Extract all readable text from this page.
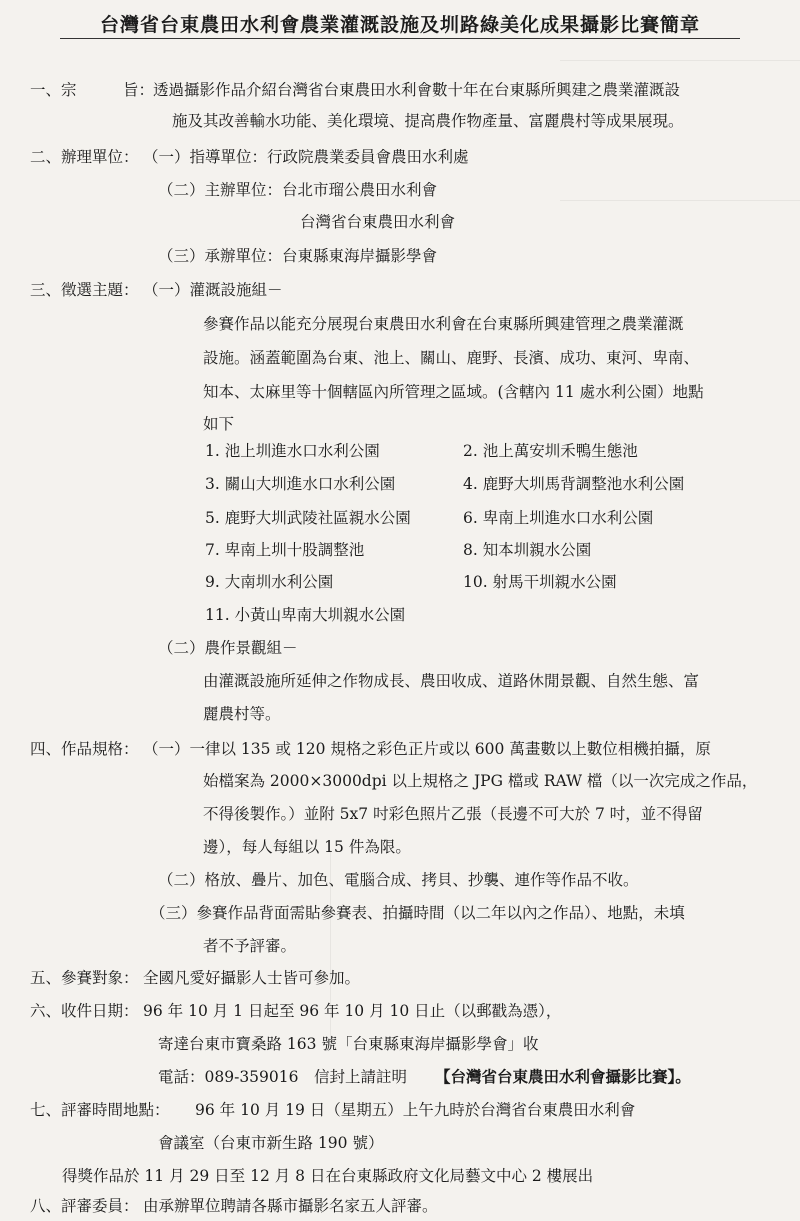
台灣省台東農田水利會農業灌溉設施及圳路綠美化成果攝影比賽簡章
一、宗　　　旨：
透過攝影作品介紹台灣省台東農田水利會數十年在台東縣所興建之農業灌溉設
施及其改善輸水功能、美化環境、提高農作物產量、富麗農村等成果展現。
二、辦理單位： （一）指導單位：行政院農業委員會農田水利處
（二）主辦單位：台北市瑠公農田水利會
台灣省台東農田水利會
（三）承辦單位：台東縣東海岸攝影學會
三、徵選主題： （一）灌溉設施組－
參賽作品以能充分展現台東農田水利會在台東縣所興建管理之農業灌溉
設施。涵蓋範圍為台東、池上、關山、鹿野、長濱、成功、東河、卑南、
知本、太麻里等十個轄區內所管理之區域。(含轄內 11 處水利公園）地點
如下
1. 池上圳進水口水利公園	2. 池上萬安圳禾鴨生態池
3. 關山大圳進水口水利公園	4. 鹿野大圳馬背調整池水利公園
5. 鹿野大圳武陵社區親水公園	6. 卑南上圳進水口水利公園
7. 卑南上圳十股調整池	8. 知本圳親水公園
9. 大南圳水利公園	10. 射馬干圳親水公園
11. 小黃山卑南大圳親水公園
（二）農作景觀組－
由灌溉設施所延伸之作物成長、農田收成、道路休閒景觀、自然生態、富
麗農村等。
四、作品規格： （一）一律以 135 或 120 規格之彩色正片或以 600 萬畫數以上數位相機拍攝，原
始檔案為 2000×3000dpi 以上規格之 JPG 檔或 RAW 檔（以一次完成之作品，
不得後製作。）並附 5x7 吋彩色照片乙張（長邊不可大於 7 吋，並不得留
邊），每人每組以 15 件為限。
（二）格放、疊片、加色、電腦合成、拷貝、抄襲、連作等作品不收。
（三）參賽作品背面需貼參賽表、拍攝時間（以二年以內之作品）、地點，未填
者不予評審。
五、參賽對象： 全國凡愛好攝影人士皆可參加。
六、收件日期： 96 年 10 月 1 日起至 96 年 10 月 10 日止（以郵戳為憑），
寄達台東市寶桑路 163 號「台東縣東海岸攝影學會」收
電話：089-359016　信封上請註明 【台灣省台東農田水利會攝影比賽】。
七、評審時間地點： 96 年 10 月 19 日（星期五）上午九時於台灣省台東農田水利會
會議室（台東市新生路 190 號）
得獎作品於 11 月 29 日至 12 月 8 日在台東縣政府文化局藝文中心 2 樓展出
八、評審委員： 由承辦單位聘請各縣市攝影名家五人評審。
